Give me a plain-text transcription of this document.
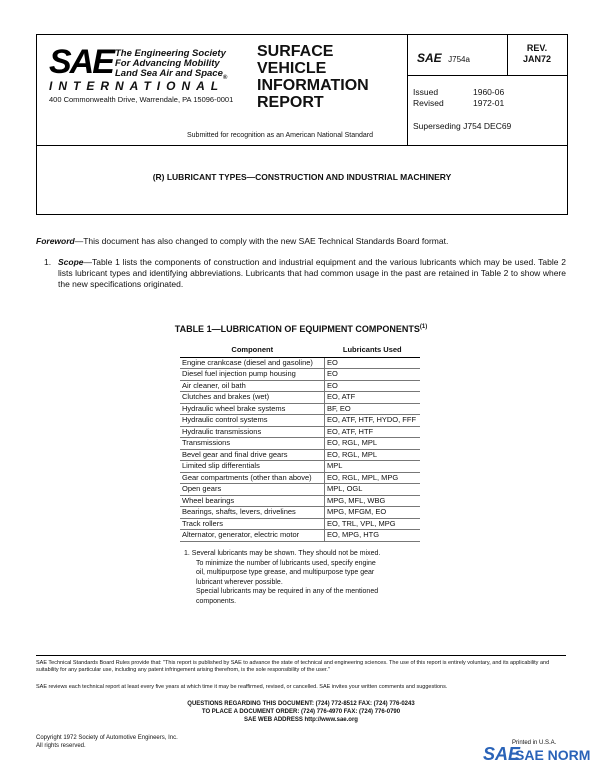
SAE The Engineering Society
For Advancing Mobility
Land Sea Air and Space$_®$
INTERNATIONAL
400 Commonwealth Drive, Warrendale, PA 15096-0001
SURFACE
VEHICLE
INFORMATION
REPORT
SAE J754a
REV.
JAN72
Issued	1960-06
Revised	1972-01
Superseding J754 DEC69
Submitted for recognition as an American National Standard
(R) LUBRICANT TYPES—CONSTRUCTION AND INDUSTRIAL MACHINERY
Foreword—This document has also changed to comply with the new SAE Technical Standards Board format.
1. Scope—Table 1 lists the components of construction and industrial equipment and the various lubricants which may be used. Table 2 lists lubricant types and identifying abbreviations. Lubricants that had common usage in the past are retained in Table 2 to show where the new specifications originated.
TABLE 1—LUBRICATION OF EQUIPMENT COMPONENTS$^{(1)}$
Component	Lubricants Used
Engine crankcase (diesel and gasoline)	EO
Diesel fuel injection pump housing	EO
Air cleaner, oil bath	EO
Clutches and brakes (wet)	EO, ATF
Hydraulic wheel brake systems	BF, EO
Hydraulic control systems	EO, ATF, HTF, HYDO, FFF
Hydraulic transmissions	EO, ATF, HTF
Transmissions	EO, RGL, MPL
Bevel gear and final drive gears	EO, RGL, MPL
Limited slip differentials	MPL
Gear compartments (other than above)	EO, RGL, MPL, MPG
Open gears	MPL, OGL
Wheel bearings	MPG, MFL, WBG
Bearings, shafts, levers, drivelines	MPG, MFGM, EO
Track rollers	EO, TRL, VPL, MPG
Alternator, generator, electric motor	EO, MPG, HTG
1. Several lubricants may be shown. They should not be mixed.
To minimize the number of lubricants used, specify engine oil, multipurpose type grease, and multipurpose type gear lubricant wherever possible.
Special lubricants may be required in any of the mentioned components.
SAE Technical Standards Board Rules provide that: "This report is published by SAE to advance the state of technical and engineering sciences. The use of this report is entirely voluntary, and its applicability and suitability for any particular use, including any patent infringement arising therefrom, is the sole responsibility of the user."
SAE reviews each technical report at least every five years at which time it may be reaffirmed, revised, or cancelled. SAE invites your written comments and suggestions.
QUESTIONS REGARDING THIS DOCUMENT: (724) 772-8512 FAX: (724) 776-0243
TO PLACE A DOCUMENT ORDER: (724) 776-4970 FAX: (724) 776-0790
SAE WEB ADDRESS http://www.sae.org
Copyright 1972 Society of Automotive Engineers, Inc.
All rights reserved.	Printed in U.S.A.
SAE
SAE NORM
